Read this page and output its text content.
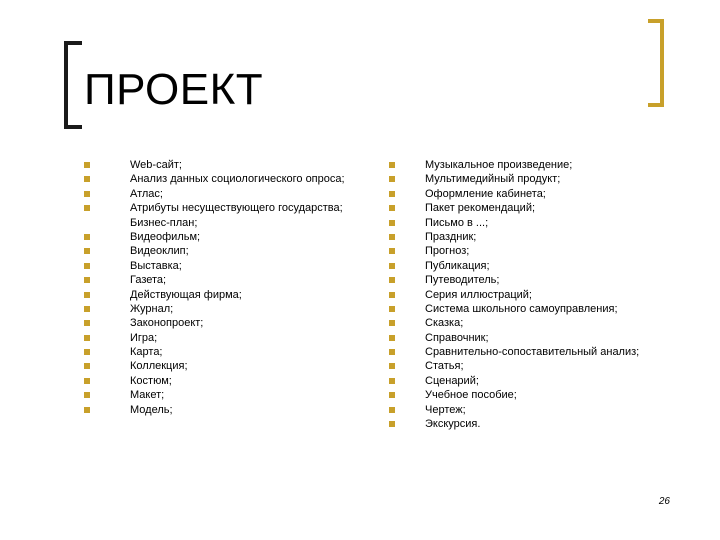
ПРОЕКТ
Web-сайт;
Анализ данных социологического опроса;
Атлас;
Атрибуты несуществующего государства;
Бизнес-план;
Видеофильм;
Видеоклип;
Выставка;
Газета;
Действующая фирма;
Журнал;
Законопроект;
Игра;
Карта;
Коллекция;
Костюм;
Макет;
Модель;
Музыкальное произведение;
Мультимедийный продукт;
Оформление кабинета;
Пакет рекомендаций;
Письмо в ...;
Праздник;
Прогноз;
Публикация;
Путеводитель;
Серия иллюстраций;
Система школьного самоуправления;
Сказка;
Справочник;
Сравнительно-сопоставительный анализ;
Статья;
Сценарий;
Учебное пособие;
Чертеж;
Экскурсия.
26
